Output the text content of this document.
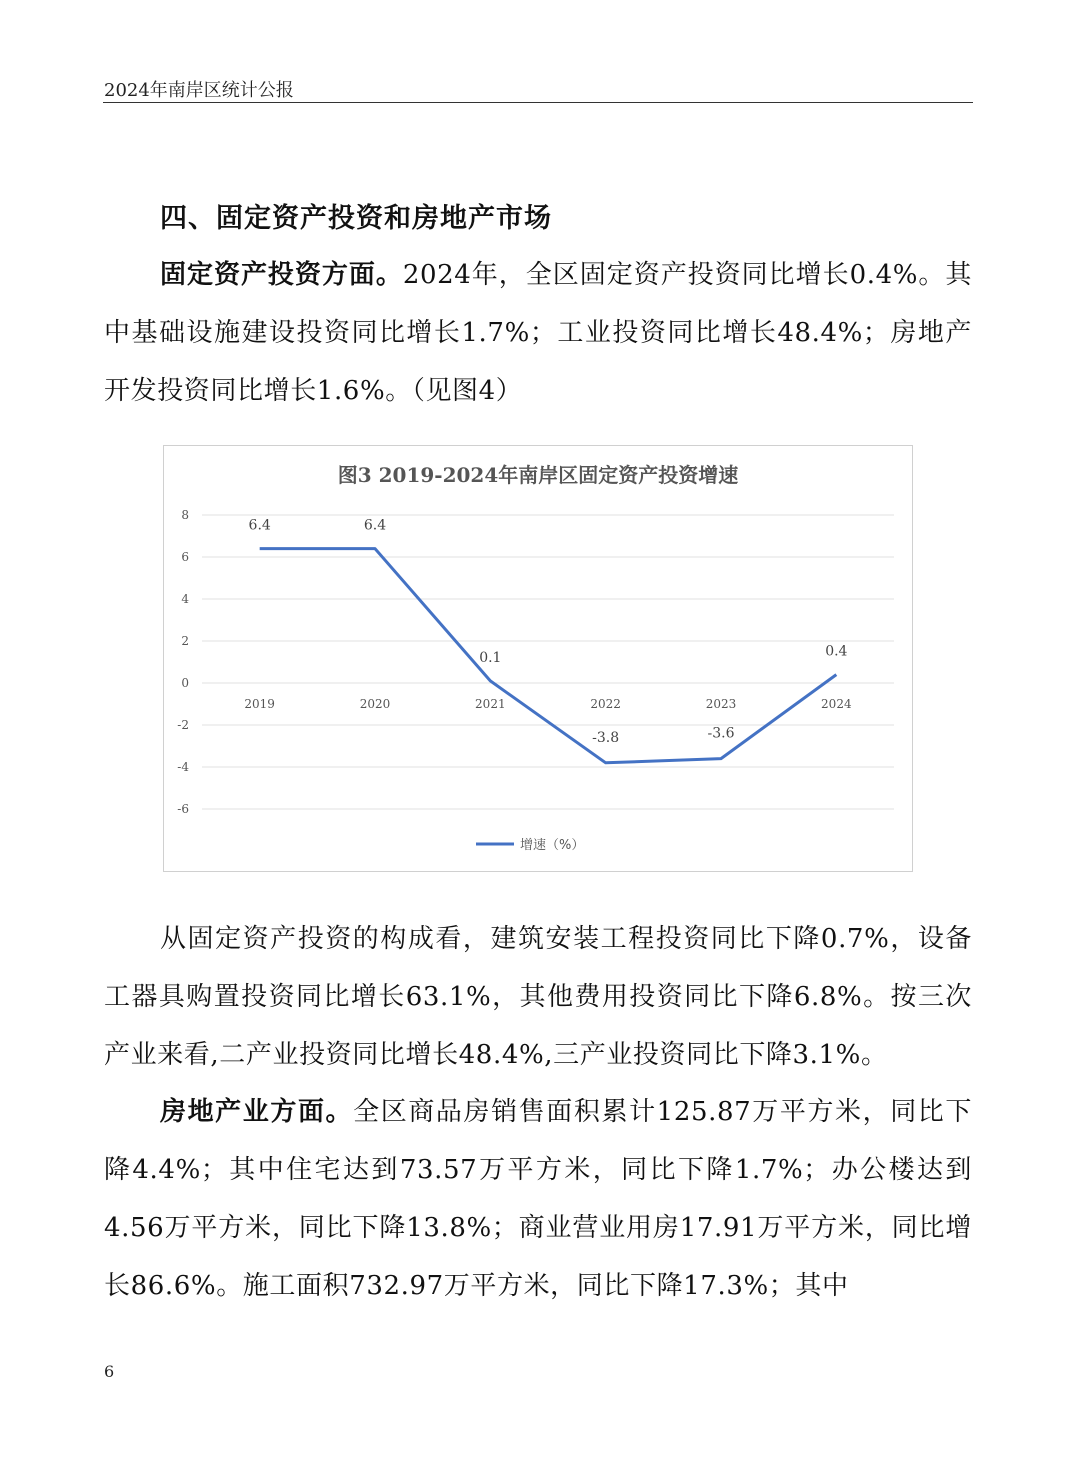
2024年南岸区统计公报
四、固定资产投资和房地产市场
固定资产投资方面。2024年，全区固定资产投资同比增长0.4%。其中基础设施建设投资同比增长1.7%；工业投资同比增长48.4%；房地产开发投资同比增长1.6%。（见图4）
图3 2019-2024年南岸区固定资产投资增速
8
6
4
2
0
-2
-4
-6
2019	2020	2021	2022	2023	2024
6.4	6.4
0.1
-3.8	-3.6
0.4
增速（%）
从固定资产投资的构成看，建筑安装工程投资同比下降0.7%，设备工器具购置投资同比增长63.1%，其他费用投资同比下降6.8%。按三次产业来看,二产业投资同比增长48.4%,三产业投资同比下降3.1%。
房地产业方面。全区商品房销售面积累计125.87万平方米，同比下降4.4%；其中住宅达到73.57万平方米，同比下降1.7%；办公楼达到4.56万平方米，同比下降13.8%；商业营业用房17.91万平方米，同比增长86.6%。施工面积732.97万平方米，同比下降17.3%；其中
6
